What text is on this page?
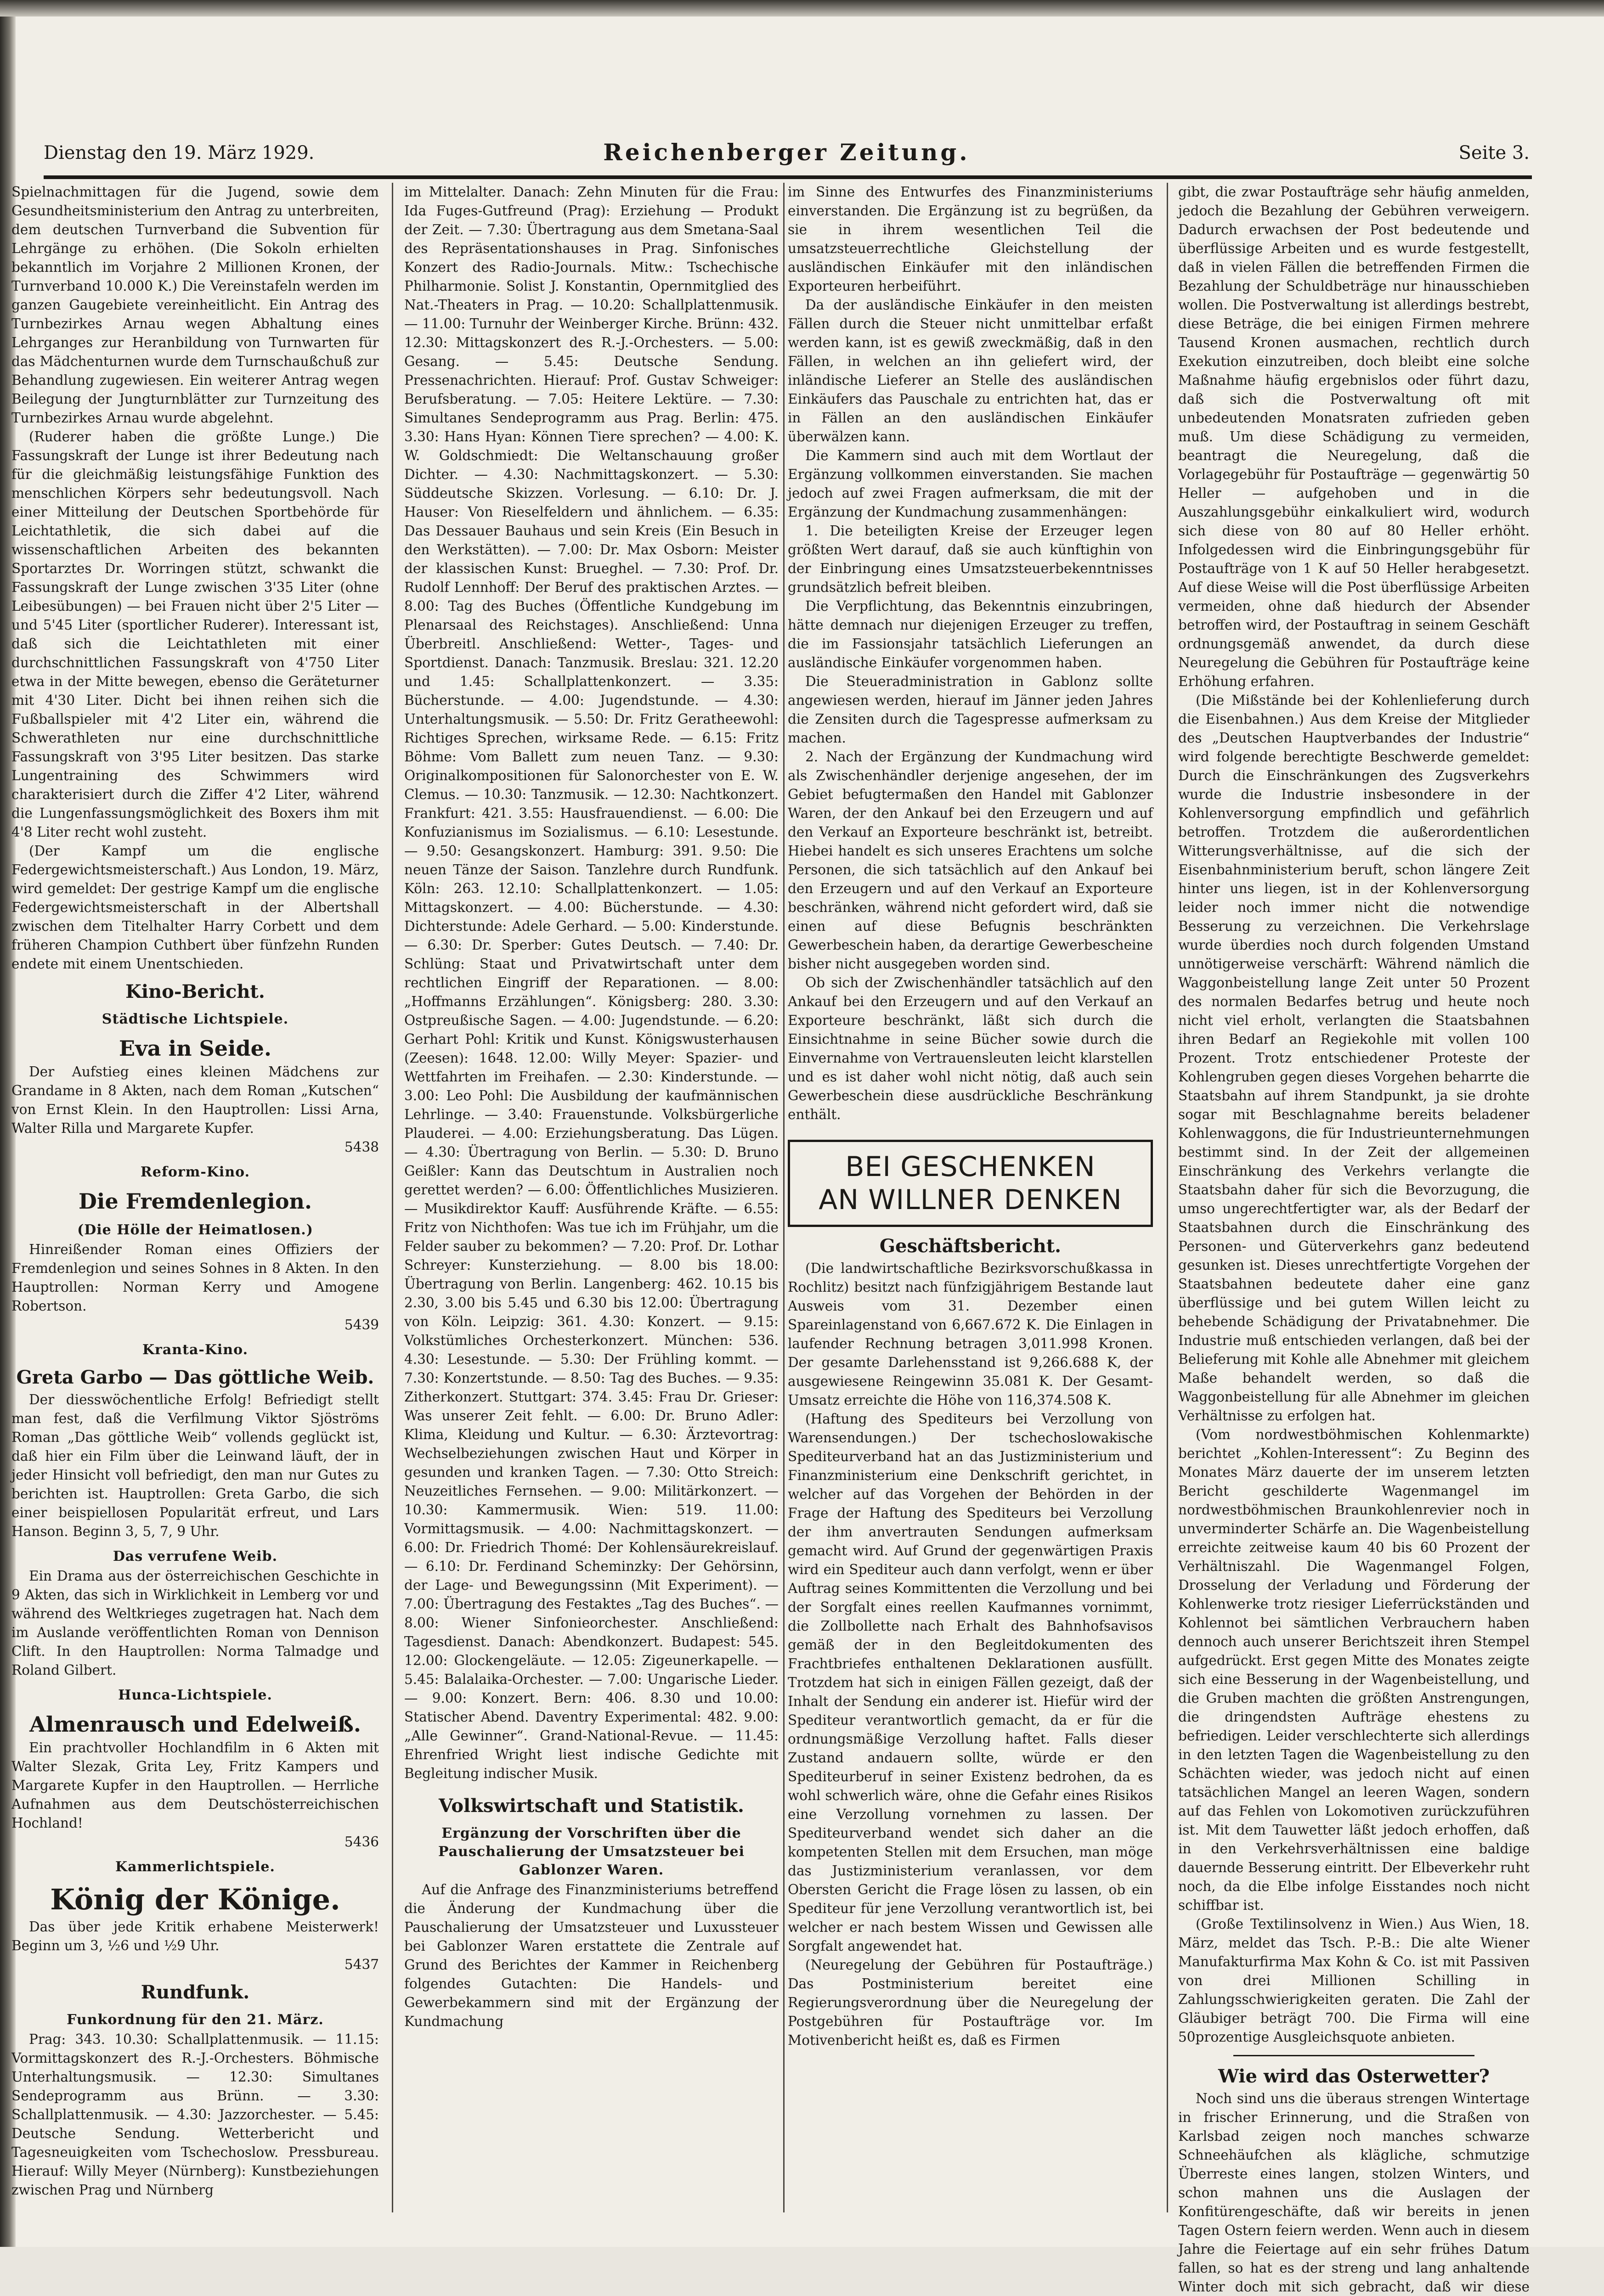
Dienstag den 19. März 1929.	Reichenberger Zeitung.	Seite 3.

Spielnachmittagen für die Jugend, sowie dem Gesundheitsministerium den Antrag zu unterbreiten, dem deutschen Turnverband die Subvention für Lehrgänge zu erhöhen. (Die Sokoln erhielten bekanntlich im Vorjahre 2 Millionen Kronen, der Turnverband 10.000 K.) Die Vereinstafeln werden im ganzen Gaugebiete vereinheitlicht. Ein Antrag des Turnbezirkes Arnau wegen Abhaltung eines Lehrganges zur Heranbildung von Turnwarten für das Mädchenturnen wurde dem Turnschaußchuß zur Behandlung zugewiesen. Ein weiterer Antrag wegen Beilegung der Jungturnblätter zur Turnzeitung des Turnbezirkes Arnau wurde abgelehnt.

(Ruderer haben die größte Lunge.) Die Fassungskraft der Lunge ist ihrer Bedeutung nach für die gleichmäßig leistungsfähige Funktion des menschlichen Körpers sehr bedeutungsvoll. Nach einer Mitteilung der Deutschen Sportbehörde für Leichtathletik, die sich dabei auf die wissenschaftlichen Arbeiten des bekannten Sportarztes Dr. Worringen stützt, schwankt die Fassungskraft der Lunge zwischen 3'35 Liter (ohne Leibesübungen) — bei Frauen nicht über 2'5 Liter — und 5'45 Liter (sportlicher Ruderer). Interessant ist, daß sich die Leichtathleten mit einer durchschnittlichen Fassungskraft von 4'750 Liter etwa in der Mitte bewegen, ebenso die Geräteturner mit 4'30 Liter. Dicht bei ihnen reihen sich die Fußballspieler mit 4'2 Liter ein, während die Schwerathleten nur eine durchschnittliche Fassungskraft von 3'95 Liter besitzen. Das starke Lungentraining des Schwimmers wird charakterisiert durch die Ziffer 4'2 Liter, während die Lungenfassungsmöglichkeit des Boxers ihm mit 4'8 Liter recht wohl zusteht.

(Der Kampf um die englische Federgewichtsmeisterschaft.) Aus London, 19. März, wird gemeldet: Der gestrige Kampf um die englische Federgewichtsmeisterschaft in der Albertshall zwischen dem Titelhalter Harry Corbett und dem früheren Champion Cuthbert über fünfzehn Runden endete mit einem Unentschieden.

Kino-Bericht.
Städtische Lichtspiele.
Eva in Seide.

Der Aufstieg eines kleinen Mädchens zur Grandame in 8 Akten, nach dem Roman „Kutschen“ von Ernst Klein. In den Hauptrollen: Lissi Arna, Walter Rilla und Margarete Kupfer.

5438
Reform-Kino.
Die Fremdenlegion.
(Die Hölle der Heimatlosen.)

Hinreißender Roman eines Offiziers der Fremdenlegion und seines Sohnes in 8 Akten. In den Hauptrollen: Norman Kerry und Amogene Robertson.

5439
Kranta-Kino.
Greta Garbo — Das göttliche Weib.

Der diesswöchentliche Erfolg! Befriedigt stellt man fest, daß die Verfilmung Viktor Sjöströms Roman „Das göttliche Weib“ vollends geglückt ist, daß hier ein Film über die Leinwand läuft, der in jeder Hinsicht voll befriedigt, den man nur Gutes zu berichten ist. Hauptrollen: Greta Garbo, die sich einer beispiellosen Popularität erfreut, und Lars Hanson. Beginn 3, 5, 7, 9 Uhr.

Das verrufene Weib.

Ein Drama aus der österreichischen Geschichte in 9 Akten, das sich in Wirklichkeit in Lemberg vor und während des Weltkrieges zugetragen hat. Nach dem im Auslande veröffentlichten Roman von Dennison Clift. In den Hauptrollen: Norma Talmadge und Roland Gilbert.

Hunca-Lichtspiele.
Almenrausch und Edelweiß.

Ein prachtvoller Hochlandfilm in 6 Akten mit Walter Slezak, Grita Ley, Fritz Kampers und Margarete Kupfer in den Hauptrollen. — Herrliche Aufnahmen aus dem Deutschösterreichischen Hochland!

5436
Kammerlichtspiele.
König der Könige.

Das über jede Kritik erhabene Meisterwerk! Beginn um 3, ½6 und ½9 Uhr.

5437
Rundfunk.
Funkordnung für den 21. März.

Prag: 343. 10.30: Schallplattenmusik. — 11.15: Vormittagskonzert des R.-J.-Orchesters. Böhmische Unterhaltungsmusik. — 12.30: Simultanes Sendeprogramm aus Brünn. — 3.30: Schallplattenmusik. — 4.30: Jazzorchester. — 5.45: Deutsche Sendung. Wetterbericht und Tagesneuigkeiten vom Tschechoslow. Pressbureau. Hierauf: Willy Meyer (Nürnberg): Kunstbeziehungen zwischen Prag und Nürnberg

im Mittelalter. Danach: Zehn Minuten für die Frau: Ida Fuges-Gutfreund (Prag): Erziehung — Produkt der Zeit. — 7.30: Übertragung aus dem Smetana-Saal des Repräsentationshauses in Prag. Sinfonisches Konzert des Radio-Journals. Mitw.: Tschechische Philharmonie. Solist J. Konstantin, Opernmitglied des Nat.-Theaters in Prag. — 10.20: Schallplattenmusik. — 11.00: Turnuhr der Weinberger Kirche. Brünn: 432. 12.30: Mittagskonzert des R.-J.-Orchesters. — 5.00: Gesang. — 5.45: Deutsche Sendung. Pressenachrichten. Hierauf: Prof. Gustav Schweiger: Berufsberatung. — 7.05: Heitere Lektüre. — 7.30: Simultanes Sendeprogramm aus Prag. Berlin: 475. 3.30: Hans Hyan: Können Tiere sprechen? — 4.00: K. W. Goldschmiedt: Die Weltanschauung großer Dichter. — 4.30: Nachmittagskonzert. — 5.30: Süddeutsche Skizzen. Vorlesung. — 6.10: Dr. J. Hauser: Von Rieselfeldern und ähnlichem. — 6.35: Das Dessauer Bauhaus und sein Kreis (Ein Besuch in den Werkstätten). — 7.00: Dr. Max Osborn: Meister der klassischen Kunst: Brueghel. — 7.30: Prof. Dr. Rudolf Lennhoff: Der Beruf des praktischen Arztes. — 8.00: Tag des Buches (Öffentliche Kundgebung im Plenarsaal des Reichstages). Anschließend: Unna Überbreitl. Anschließend: Wetter-, Tages- und Sportdienst. Danach: Tanzmusik. Breslau: 321. 12.20 und 1.45: Schallplattenkonzert. — 3.35: Bücherstunde. — 4.00: Jugendstunde. — 4.30: Unterhaltungsmusik. — 5.50: Dr. Fritz Geratheewohl: Richtiges Sprechen, wirksame Rede. — 6.15: Fritz Böhme: Vom Ballett zum neuen Tanz. — 9.30: Originalkompositionen für Salonorchester von E. W. Clemus. — 10.30: Tanzmusik. — 12.30: Nachtkonzert. Frankfurt: 421. 3.55: Hausfrauendienst. — 6.00: Die Konfuzianismus im Sozialismus. — 6.10: Lesestunde. — 9.50: Gesangskonzert. Hamburg: 391. 9.50: Die neuen Tänze der Saison. Tanzlehre durch Rundfunk. Köln: 263. 12.10: Schallplattenkonzert. — 1.05: Mittagskonzert. — 4.00: Bücherstunde. — 4.30: Dichterstunde: Adele Gerhard. — 5.00: Kinderstunde. — 6.30: Dr. Sperber: Gutes Deutsch. — 7.40: Dr. Schlüng: Staat und Privatwirtschaft unter dem rechtlichen Eingriff der Reparationen. — 8.00: „Hoffmanns Erzählungen“. Königsberg: 280. 3.30: Ostpreußische Sagen. — 4.00: Jugendstunde. — 6.20: Gerhart Pohl: Kritik und Kunst. Königswusterhausen (Zeesen): 1648. 12.00: Willy Meyer: Spazier- und Wettfahrten im Freihafen. — 2.30: Kinderstunde. — 3.00: Leo Pohl: Die Ausbildung der kaufmännischen Lehrlinge. — 3.40: Frauenstunde. Volksbürgerliche Plauderei. — 4.00: Erziehungsberatung. Das Lügen. — 4.30: Übertragung von Berlin. — 5.30: D. Bruno Geißler: Kann das Deutschtum in Australien noch gerettet werden? — 6.00: Öffentlichliches Musizieren. — Musikdirektor Kauff: Ausführende Kräfte. — 6.55: Fritz von Nichthofen: Was tue ich im Frühjahr, um die Felder sauber zu bekommen? — 7.20: Prof. Dr. Lothar Schreyer: Kunsterziehung. — 8.00 bis 18.00: Übertragung von Berlin. Langenberg: 462. 10.15 bis 2.30, 3.00 bis 5.45 und 6.30 bis 12.00: Übertragung von Köln. Leipzig: 361. 4.30: Konzert. — 9.15: Volkstümliches Orchesterkonzert. München: 536. 4.30: Lesestunde. — 5.30: Der Frühling kommt. — 7.30: Konzertstunde. — 8.50: Tag des Buches. — 9.35: Zitherkonzert. Stuttgart: 374. 3.45: Frau Dr. Grieser: Was unserer Zeit fehlt. — 6.00: Dr. Bruno Adler: Klima, Kleidung und Kultur. — 6.30: Ärztevortrag: Wechselbeziehungen zwischen Haut und Körper in gesunden und kranken Tagen. — 7.30: Otto Streich: Neuzeitliches Fernsehen. — 9.00: Militärkonzert. — 10.30: Kammermusik. Wien: 519. 11.00: Vormittagsmusik. — 4.00: Nachmittagskonzert. — 6.00: Dr. Friedrich Thomé: Der Kohlensäurekreislauf. — 6.10: Dr. Ferdinand Scheminzky: Der Gehörsinn, der Lage- und Bewegungssinn (Mit Experiment). — 7.00: Übertragung des Festaktes „Tag des Buches“. — 8.00: Wiener Sinfonieorchester. Anschließend: Tagesdienst. Danach: Abendkonzert. Budapest: 545. 12.00: Glockengeläute. — 12.05: Zigeunerkapelle. — 5.45: Balalaika-Orchester. — 7.00: Ungarische Lieder. — 9.00: Konzert. Bern: 406. 8.30 und 10.00: Statischer Abend. Daventry Experimental: 482. 9.00: „Alle Gewinner“. Grand-National-Revue. — 11.45: Ehrenfried Wright liest indische Gedichte mit Begleitung indischer Musik.

Volkswirtschaft und Statistik.
Ergänzung der Vorschriften über die Pauschalierung der Umsatzsteuer bei Gablonzer Waren.

Auf die Anfrage des Finanzministeriums betreffend die Änderung der Kundmachung über die Pauschalierung der Umsatzsteuer und Luxussteuer bei Gablonzer Waren erstattete die Zentrale auf Grund des Berichtes der Kammer in Reichenberg folgendes Gutachten: Die Handels- und Gewerbekammern sind mit der Ergänzung der Kundmachung

im Sinne des Entwurfes des Finanzministeriums einverstanden. Die Ergänzung ist zu begrüßen, da sie in ihrem wesentlichen Teil die umsatzsteuerrechtliche Gleichstellung der ausländischen Einkäufer mit den inländischen Exporteuren herbeiführt.

Da der ausländische Einkäufer in den meisten Fällen durch die Steuer nicht unmittelbar erfaßt werden kann, ist es gewiß zweckmäßig, daß in den Fällen, in welchen an ihn geliefert wird, der inländische Lieferer an Stelle des ausländischen Einkäufers das Pauschale zu entrichten hat, das er in Fällen an den ausländischen Einkäufer überwälzen kann.

Die Kammern sind auch mit dem Wortlaut der Ergänzung vollkommen einverstanden. Sie machen jedoch auf zwei Fragen aufmerksam, die mit der Ergänzung der Kundmachung zusammenhängen:

1. Die beteiligten Kreise der Erzeuger legen größten Wert darauf, daß sie auch künftighin von der Einbringung eines Umsatzsteuerbekenntnisses grundsätzlich befreit bleiben.

Die Verpflichtung, das Bekenntnis einzubringen, hätte demnach nur diejenigen Erzeuger zu treffen, die im Fassionsjahr tatsächlich Lieferungen an ausländische Einkäufer vorgenommen haben.

Die Steueradministration in Gablonz sollte angewiesen werden, hierauf im Jänner jeden Jahres die Zensiten durch die Tagespresse aufmerksam zu machen.

2. Nach der Ergänzung der Kundmachung wird als Zwischenhändler derjenige angesehen, der im Gebiet befugtermaßen den Handel mit Gablonzer Waren, der den Ankauf bei den Erzeugern und auf den Verkauf an Exporteure beschränkt ist, betreibt. Hiebei handelt es sich unseres Erachtens um solche Personen, die sich tatsächlich auf den Ankauf bei den Erzeugern und auf den Verkauf an Exporteure beschränken, während nicht gefordert wird, daß sie einen auf diese Befugnis beschränkten Gewerbeschein haben, da derartige Gewerbescheine bisher nicht ausgegeben worden sind.

Ob sich der Zwischenhändler tatsächlich auf den Ankauf bei den Erzeugern und auf den Verkauf an Exporteure beschränkt, läßt sich durch die Einsichtnahme in seine Bücher sowie durch die Einvernahme von Vertrauensleuten leicht klarstellen und es ist daher wohl nicht nötig, daß auch sein Gewerbeschein diese ausdrückliche Beschränkung enthält.

BEI GESCHENKEN
AN WILLNER DENKEN
Geschäftsbericht.

(Die landwirtschaftliche Bezirksvorschußkassa in Rochlitz) besitzt nach fünfzigjährigem Bestande laut Ausweis vom 31. Dezember einen Spareinlagenstand von 6,667.672 K. Die Einlagen in laufender Rechnung betragen 3,011.998 Kronen. Der gesamte Darlehensstand ist 9,266.688 K, der ausgewiesene Reingewinn 35.081 K. Der Gesamt-Umsatz erreichte die Höhe von 116,374.508 K.

(Haftung des Spediteurs bei Verzollung von Warensendungen.) Der tschechoslowakische Spediteurverband hat an das Justizministerium und Finanzministerium eine Denkschrift gerichtet, in welcher auf das Vorgehen der Behörden in der Frage der Haftung des Spediteurs bei Verzollung der ihm anvertrauten Sendungen aufmerksam gemacht wird. Auf Grund der gegenwärtigen Praxis wird ein Spediteur auch dann verfolgt, wenn er über Auftrag seines Kommittenten die Verzollung und bei der Sorgfalt eines reellen Kaufmannes vornimmt, die Zollbollette nach Erhalt des Bahnhofsavisos gemäß der in den Begleitdokumenten des Frachtbriefes enthaltenen Deklarationen ausfüllt. Trotzdem hat sich in einigen Fällen gezeigt, daß der Inhalt der Sendung ein anderer ist. Hiefür wird der Spediteur verantwortlich gemacht, da er für die ordnungsmäßige Verzollung haftet. Falls dieser Zustand andauern sollte, würde er den Spediteurberuf in seiner Existenz bedrohen, da es wohl schwerlich wäre, ohne die Gefahr eines Risikos eine Verzollung vornehmen zu lassen. Der Spediteurverband wendet sich daher an die kompetenten Stellen mit dem Ersuchen, man möge das Justizministerium veranlassen, vor dem Obersten Gericht die Frage lösen zu lassen, ob ein Spediteur für jene Verzollung verantwortlich ist, bei welcher er nach bestem Wissen und Gewissen alle Sorgfalt angewendet hat.

(Neuregelung der Gebühren für Postaufträge.) Das Postministerium bereitet eine Regierungsverordnung über die Neuregelung der Postgebühren für Postaufträge vor. Im Motivenbericht heißt es, daß es Firmen

gibt, die zwar Postaufträge sehr häufig anmelden, jedoch die Bezahlung der Gebühren verweigern. Dadurch erwachsen der Post bedeutende und überflüssige Arbeiten und es wurde festgestellt, daß in vielen Fällen die betreffenden Firmen die Bezahlung der Schuldbeträge nur hinausschieben wollen. Die Postverwaltung ist allerdings bestrebt, diese Beträge, die bei einigen Firmen mehrere Tausend Kronen ausmachen, rechtlich durch Exekution einzutreiben, doch bleibt eine solche Maßnahme häufig ergebnislos oder führt dazu, daß sich die Postverwaltung oft mit unbedeutenden Monatsraten zufrieden geben muß. Um diese Schädigung zu vermeiden, beantragt die Neuregelung, daß die Vorlagegebühr für Postaufträge — gegenwärtig 50 Heller — aufgehoben und in die Auszahlungsgebühr einkalkuliert wird, wodurch sich diese von 80 auf 80 Heller erhöht. Infolgedessen wird die Einbringungsgebühr für Postaufträge von 1 K auf 50 Heller herabgesetzt. Auf diese Weise will die Post überflüssige Arbeiten vermeiden, ohne daß hiedurch der Absender betroffen wird, der Postauftrag in seinem Geschäft ordnungsgemäß anwendet, da durch diese Neuregelung die Gebühren für Postaufträge keine Erhöhung erfahren.

(Die Mißstände bei der Kohlenlieferung durch die Eisenbahnen.) Aus dem Kreise der Mitglieder des „Deutschen Hauptverbandes der Industrie“ wird folgende berechtigte Beschwerde gemeldet: Durch die Einschränkungen des Zugsverkehrs wurde die Industrie insbesondere in der Kohlenversorgung empfindlich und gefährlich betroffen. Trotzdem die außerordentlichen Witterungsverhältnisse, auf die sich der Eisenbahnministerium beruft, schon längere Zeit hinter uns liegen, ist in der Kohlenversorgung leider noch immer nicht die notwendige Besserung zu verzeichnen. Die Verkehrslage wurde überdies noch durch folgenden Umstand unnötigerweise verschärft: Während nämlich die Waggonbeistellung lange Zeit unter 50 Prozent des normalen Bedarfes betrug und heute noch nicht viel erholt, verlangten die Staatsbahnen ihren Bedarf an Regiekohle mit vollen 100 Prozent. Trotz entschiedener Proteste der Kohlengruben gegen dieses Vorgehen beharrte die Staatsbahn auf ihrem Standpunkt, ja sie drohte sogar mit Beschlagnahme bereits beladener Kohlenwaggons, die für Industrieunternehmungen bestimmt sind. In der Zeit der allgemeinen Einschränkung des Verkehrs verlangte die Staatsbahn daher für sich die Bevorzugung, die umso ungerechtfertigter war, als der Bedarf der Staatsbahnen durch die Einschränkung des Personen- und Güterverkehrs ganz bedeutend gesunken ist. Dieses unrechtfertigte Vorgehen der Staatsbahnen bedeutete daher eine ganz überflüssige und bei gutem Willen leicht zu behebende Schädigung der Privatabnehmer. Die Industrie muß entschieden verlangen, daß bei der Belieferung mit Kohle alle Abnehmer mit gleichem Maße behandelt werden, so daß die Waggonbeistellung für alle Abnehmer im gleichen Verhältnisse zu erfolgen hat.

(Vom nordwestböhmischen Kohlenmarkte) berichtet „Kohlen-Interessent“: Zu Beginn des Monates März dauerte der im unserem letzten Bericht geschilderte Wagenmangel im nordwestböhmischen Braunkohlenrevier noch in unverminderter Schärfe an. Die Wagenbeistellung erreichte zeitweise kaum 40 bis 60 Prozent der Verhältniszahl. Die Wagenmangel Folgen, Drosselung der Verladung und Förderung der Kohlenwerke trotz riesiger Lieferrückständen und Kohlennot bei sämtlichen Verbrauchern haben dennoch auch unserer Berichtszeit ihren Stempel aufgedrückt. Erst gegen Mitte des Monates zeigte sich eine Besserung in der Wagenbeistellung, und die Gruben machten die größten Anstrengungen, die dringendsten Aufträge ehestens zu befriedigen. Leider verschlechterte sich allerdings in den letzten Tagen die Wagenbeistellung zu den Schächten wieder, was jedoch nicht auf einen tatsächlichen Mangel an leeren Wagen, sondern auf das Fehlen von Lokomotiven zurückzuführen ist. Mit dem Tauwetter läßt jedoch erhoffen, daß in den Verkehrsverhältnissen eine baldige dauernde Besserung eintritt. Der Elbeverkehr ruht noch, da die Elbe infolge Eisstandes noch nicht schiffbar ist.

(Große Textilinsolvenz in Wien.) Aus Wien, 18. März, meldet das Tsch. P.-B.: Die alte Wiener Manufakturfirma Max Kohn & Co. ist mit Passiven von drei Millionen Schilling in Zahlungsschwierigkeiten geraten. Die Zahl der Gläubiger beträgt 700. Die Firma will eine 50prozentige Ausgleichsquote anbieten.

Wie wird das Osterwetter?

Noch sind uns die überaus strengen Wintertage in frischer Erinnerung, und die Straßen von Karlsbad zeigen noch manches schwarze Schneehäufchen als klägliche, schmutzige Überreste eines langen, stolzen Winters, und schon mahnen uns die Auslagen der Konfitürengeschäfte, daß wir bereits in jenen Tagen Ostern feiern werden. Wenn auch in diesem Jahre die Feiertage auf ein sehr frühes Datum fallen, so hat es der streng und lang anhaltende Winter doch mit sich gebracht, daß wir diese
